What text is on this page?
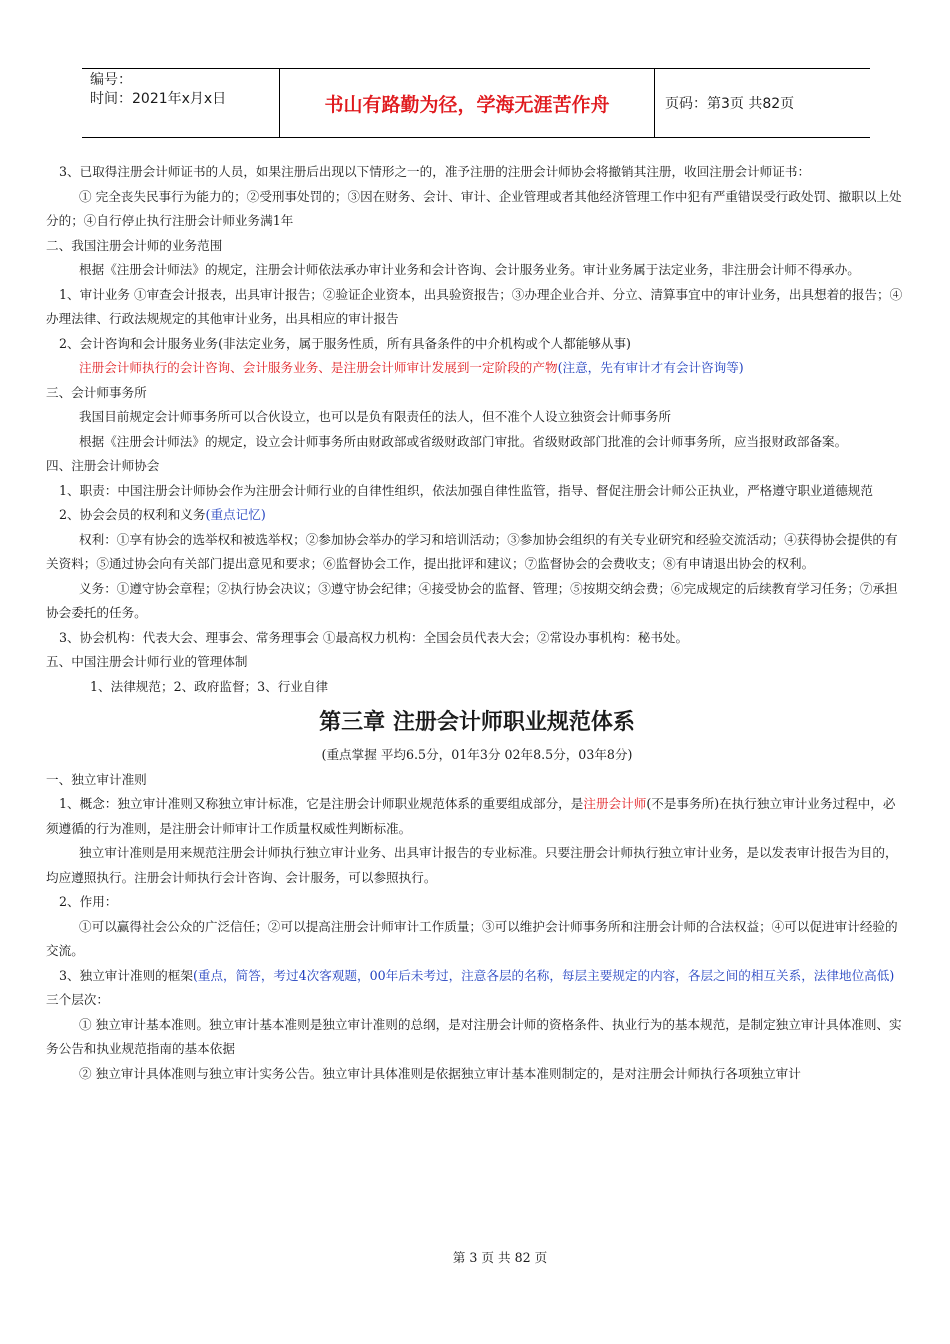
编号：
时间：2021年x月x日	书山有路勤为径，学海无涯苦作舟	页码：第3页 共82页

3、已取得注册会计师证书的人员，如果注册后出现以下情形之一的，准予注册的注册会计师协会将撤销其注册，收回注册会计师证书：

① 完全丧失民事行为能力的；②受刑事处罚的；③因在财务、会计、审计、企业管理或者其他经济管理工作中犯有严重错误受行政处罚、撤职以上处分的；④自行停止执行注册会计师业务满1年

二、我国注册会计师的业务范围

根据《注册会计师法》的规定，注册会计师依法承办审计业务和会计咨询、会计服务业务。审计业务属于法定业务，非注册会计师不得承办。

1、审计业务 ①审查会计报表，出具审计报告；②验证企业资本，出具验资报告；③办理企业合并、分立、清算事宜中的审计业务，出具想着的报告；④办理法律、行政法规规定的其他审计业务，出具相应的审计报告

2、会计咨询和会计服务业务(非法定业务，属于服务性质，所有具备条件的中介机构或个人都能够从事)

注册会计师执行的会计咨询、会计服务业务、是注册会计师审计发展到一定阶段的产物(注意，先有审计才有会计咨询等)

三、会计师事务所

我国目前规定会计师事务所可以合伙设立，也可以是负有限责任的法人，但不准个人设立独资会计师事务所

根据《注册会计师法》的规定，设立会计师事务所由财政部或省级财政部门审批。省级财政部门批准的会计师事务所，应当报财政部备案。

四、注册会计师协会

1、职责：中国注册会计师协会作为注册会计师行业的自律性组织，依法加强自律性监管，指导、督促注册会计师公正执业，严格遵守职业道德规范

2、协会会员的权利和义务(重点记忆)

权利：①享有协会的选举权和被选举权；②参加协会举办的学习和培训活动；③参加协会组织的有关专业研究和经验交流活动；④获得协会提供的有关资料；⑤通过协会向有关部门提出意见和要求；⑥监督协会工作，提出批评和建议；⑦监督协会的会费收支；⑧有申请退出协会的权利。

义务：①遵守协会章程；②执行协会决议；③遵守协会纪律；④接受协会的监督、管理；⑤按期交纳会费；⑥完成规定的后续教育学习任务；⑦承担协会委托的任务。

3、协会机构：代表大会、理事会、常务理事会 ①最高权力机构：全国会员代表大会；②常设办事机构：秘书处。

五、中国注册会计师行业的管理体制

1、法律规范；2、政府监督；3、行业自律

第三章 注册会计师职业规范体系

(重点掌握 平均6.5分，01年3分 02年8.5分，03年8分)

一、独立审计准则

1、概念：独立审计准则又称独立审计标准，它是注册会计师职业规范体系的重要组成部分，是注册会计师(不是事务所)在执行独立审计业务过程中，必须遵循的行为准则，是注册会计师审计工作质量权威性判断标准。

独立审计准则是用来规范注册会计师执行独立审计业务、出具审计报告的专业标准。只要注册会计师执行独立审计业务，是以发表审计报告为目的，均应遵照执行。注册会计师执行会计咨询、会计服务，可以参照执行。

2、作用：

①可以赢得社会公众的广泛信任；②可以提高注册会计师审计工作质量；③可以维护会计师事务所和注册会计师的合法权益；④可以促进审计经验的交流。

3、独立审计准则的框架(重点，简答，考过4次客观题，00年后未考过，注意各层的名称，每层主要规定的内容，各层之间的相互关系，法律地位高低)

三个层次：

① 独立审计基本准则。独立审计基本准则是独立审计准则的总纲，是对注册会计师的资格条件、执业行为的基本规范，是制定独立审计具体准则、实务公告和执业规范指南的基本依据

② 独立审计具体准则与独立审计实务公告。独立审计具体准则是依据独立审计基本准则制定的，是对注册会计师执行各项独立审计

第 3 页 共 82 页
